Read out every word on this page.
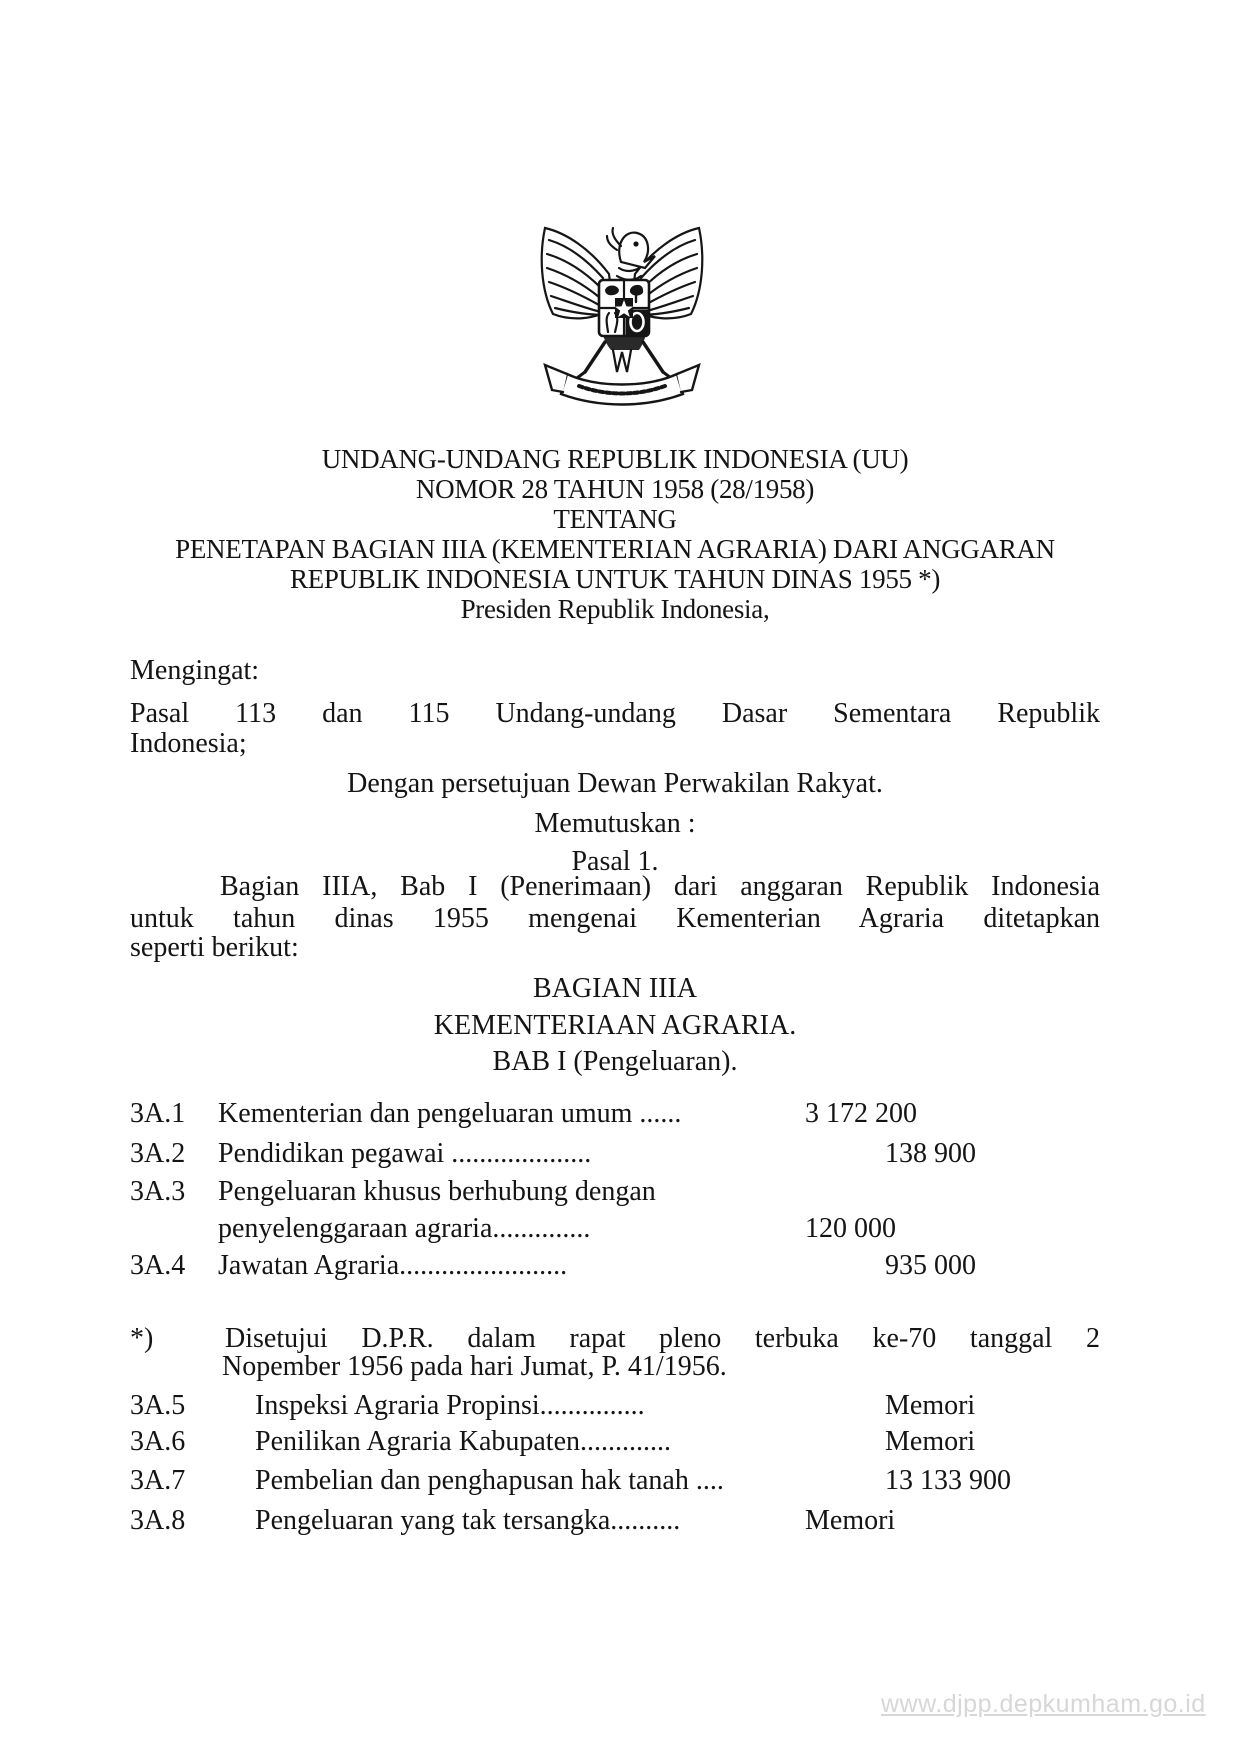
UNDANG-UNDANG REPUBLIK INDONESIA (UU)
NOMOR 28 TAHUN 1958 (28/1958)
TENTANG
PENETAPAN BAGIAN IIIA (KEMENTERIAN AGRARIA) DARI ANGGARAN
REPUBLIK INDONESIA UNTUK TAHUN DINAS 1955 *)
Presiden Republik Indonesia,
Mengingat:
Pasal 113 dan 115 Undang-undang Dasar Sementara Republik
Indonesia;
Dengan persetujuan Dewan Perwakilan Rakyat.
Memutuskan :
Pasal 1.
Bagian IIIA, Bab I (Penerimaan) dari anggaran Republik Indonesia
untuk tahun dinas 1955 mengenai Kementerian Agraria ditetapkan
seperti berikut:
BAGIAN IIIA
KEMENTERIAAN AGRARIA.
BAB I (Pengeluaran).
3A.1 Kementerian dan pengeluaran umum ......	3 172 200
3A.2 Pendidikan pegawai ....................	138 900
3A.3 Pengeluaran khusus berhubung dengan
penyelenggaraan agraria..............	120 000
3A.4 Jawatan Agraria........................	935 000
*)	Disetujui D.P.R. dalam rapat pleno terbuka ke-70 tanggal 2
Nopember 1956 pada hari Jumat, P. 41/1956.
3A.5 Inspeksi Agraria Propinsi...............	Memori
3A.6 Penilikan Agraria Kabupaten.............	Memori
3A.7 Pembelian dan penghapusan hak tanah ....	13 133 900
3A.8 Pengeluaran yang tak tersangka..........	Memori
www.djpp.depkumham.go.id
